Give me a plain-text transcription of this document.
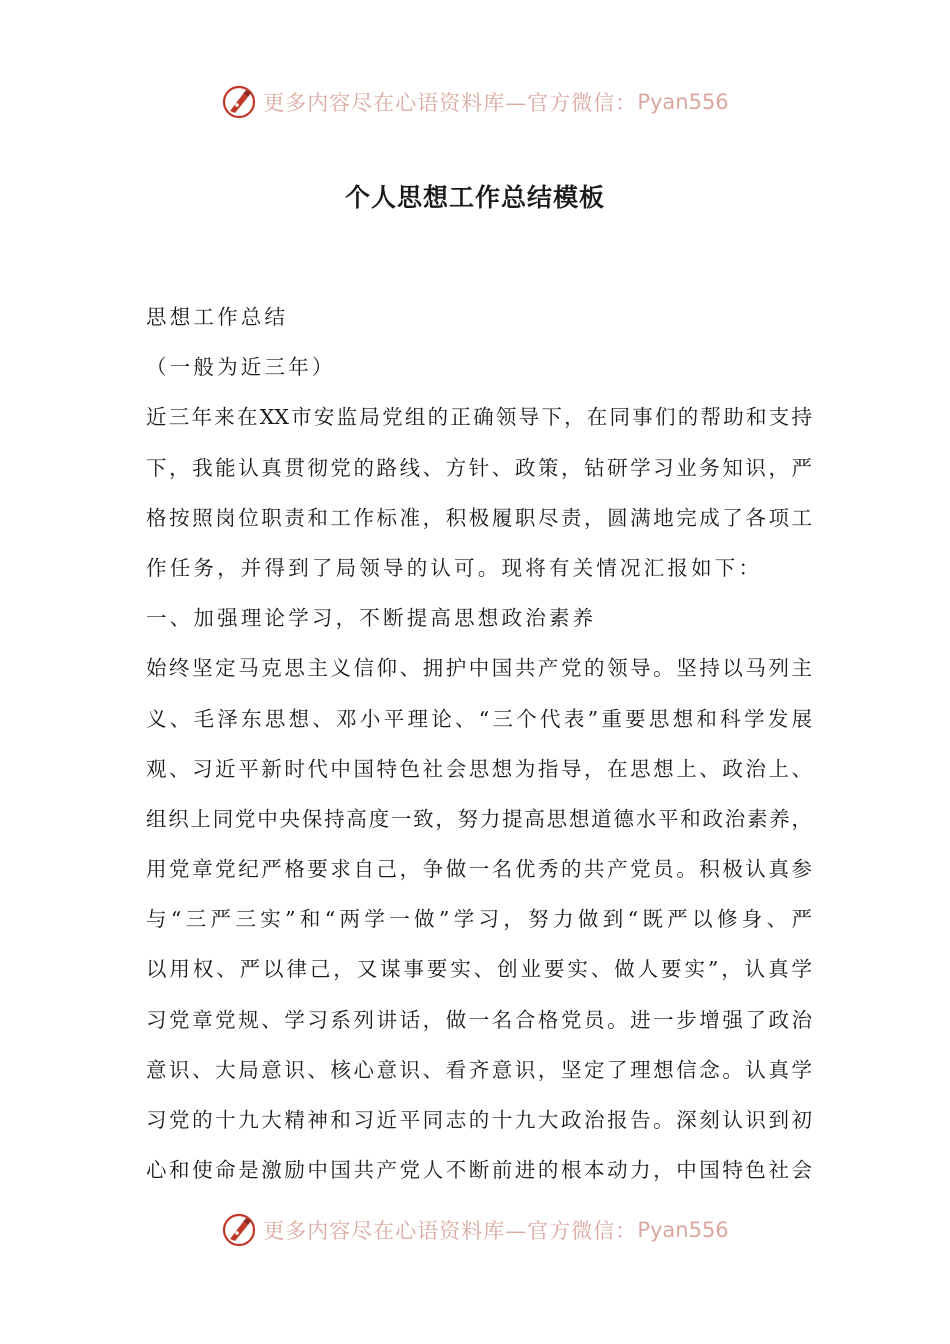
更多内容尽在心语资料库—官方微信： Pyan556
个人思想工作总结模板
思想工作总结
（一般为近三年）
近三年来在XX市安监局党组的正确领导下，在同事们的帮助和支持
下，我能认真贯彻党的路线、方针、政策，钻研学习业务知识，严
格按照岗位职责和工作标准，积极履职尽责，圆满地完成了各项工
作任务，并得到了局领导的认可。现将有关情况汇报如下：
一、加强理论学习，不断提高思想政治素养
始终坚定马克思主义信仰、拥护中国共产党的领导。坚持以马列主
义、毛泽东思想、邓小平理论、“三个代表”重要思想和科学发展
观、习近平新时代中国特色社会思想为指导，在思想上、政治上、
组织上同党中央保持高度一致，努力提高思想道德水平和政治素养，
用党章党纪严格要求自己，争做一名优秀的共产党员。积极认真参
与“三严三实”和“两学一做”学习，努力做到“既严以修身、严
以用权、严以律己，又谋事要实、创业要实、做人要实”，认真学
习党章党规、学习系列讲话，做一名合格党员。进一步增强了政治
意识、大局意识、核心意识、看齐意识，坚定了理想信念。认真学
习党的十九大精神和习近平同志的十九大政治报告。深刻认识到初
心和使命是激励中国共产党人不断前进的根本动力，中国特色社会
更多内容尽在心语资料库—官方微信： Pyan556
